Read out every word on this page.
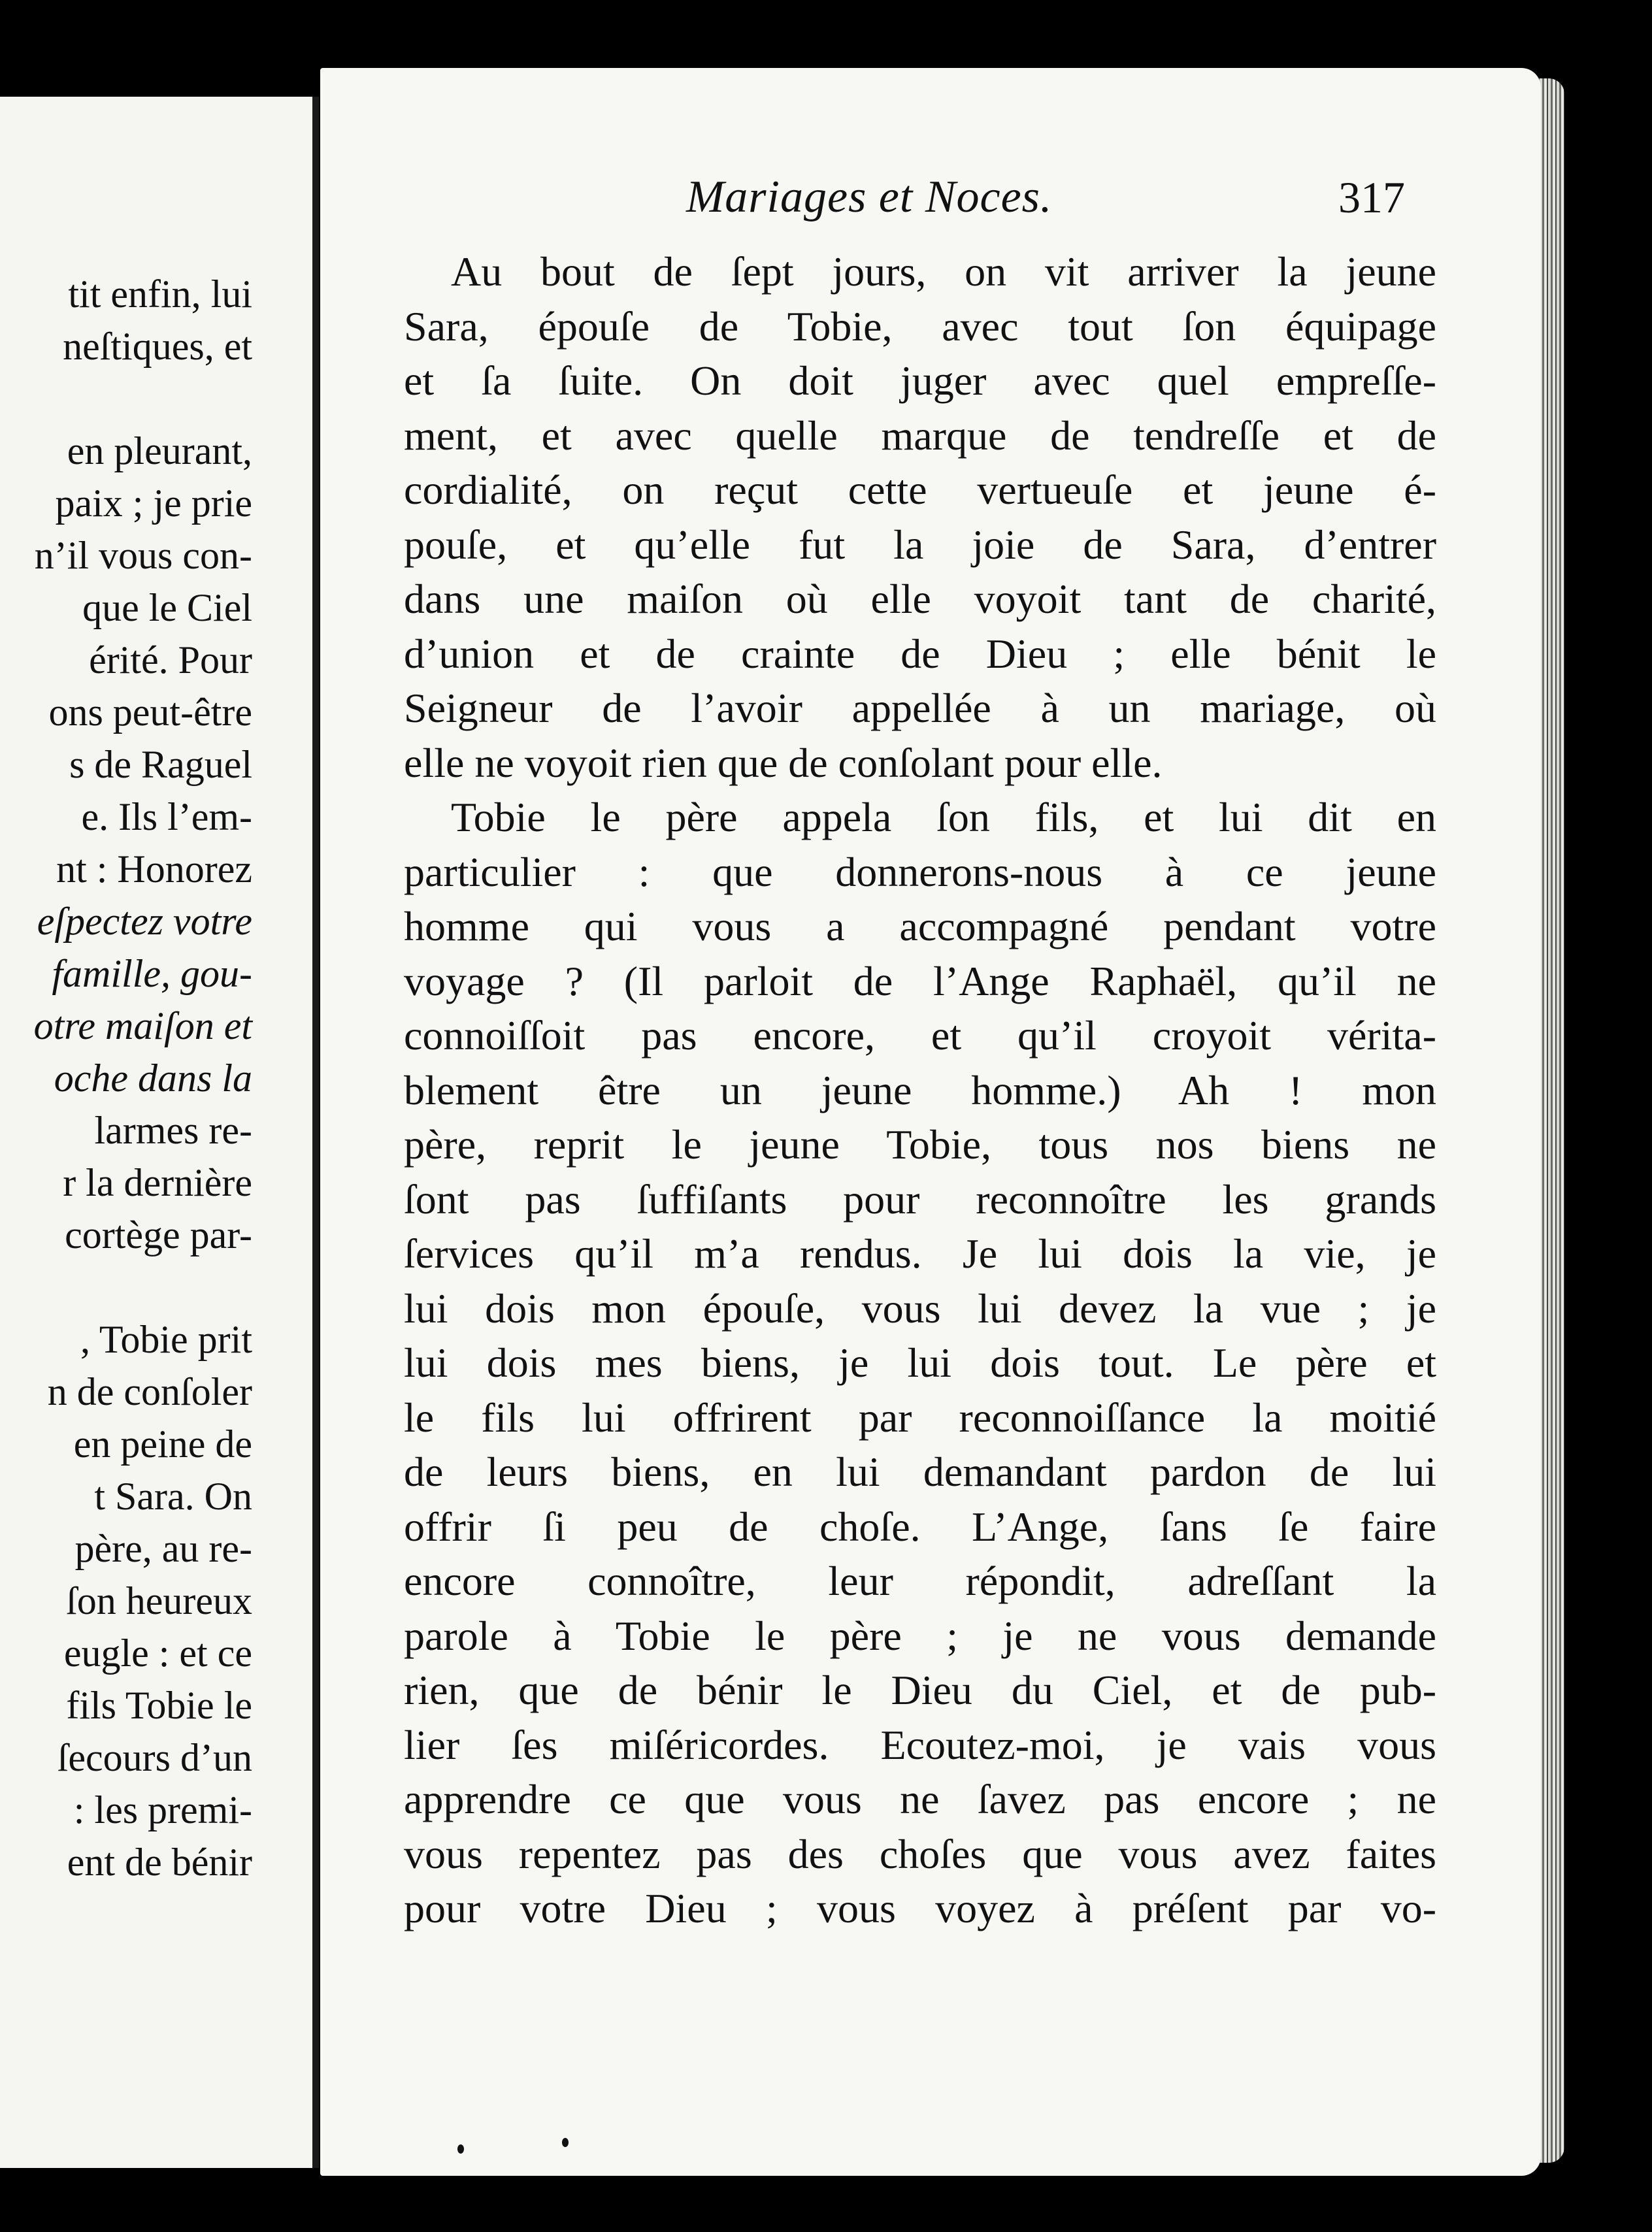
tit enfin, lui
neſtiques, et
en pleurant,
paix ; je prie
n’il vous con-
que le Ciel
érité. Pour
ons peut-être
s de Raguel
e. Ils l’em-
nt : Honorez
eſpectez votre
famille, gou-
otre maiſon et
oche dans la
larmes re-
r la dernière
cortège par-
, Tobie prit
n de conſoler
en peine de
t Sara. On
père, au re-
ſon heureux
eugle : et ce
fils Tobie le
ſecours d’un
: les premi-
ent de bénir
Mariages et Noces.	317
Au bout de ſept jours, on vit arriver la jeune
Sara, épouſe de Tobie, avec tout ſon équipage
et ſa ſuite. On doit juger avec quel empreſſe-
ment, et avec quelle marque de tendreſſe et de
cordialité, on reçut cette vertueuſe et jeune é-
pouſe, et qu’elle fut la joie de Sara, d’entrer
dans une maiſon où elle voyoit tant de charité,
d’union et de crainte de Dieu ; elle bénit le
Seigneur de l’avoir appellée à un mariage, où
elle ne voyoit rien que de conſolant pour elle.
Tobie le père appela ſon fils, et lui dit en
particulier : que donnerons-nous à ce jeune
homme qui vous a accompagné pendant votre
voyage ? (Il parloit de l’Ange Raphaël, qu’il ne
connoiſſoit pas encore, et qu’il croyoit vérita-
blement être un jeune homme.) Ah ! mon
père, reprit le jeune Tobie, tous nos biens ne
ſont pas ſuffiſants pour reconnoître les grands
ſervices qu’il m’a rendus. Je lui dois la vie, je
lui dois mon épouſe, vous lui devez la vue ; je
lui dois mes biens, je lui dois tout. Le père et
le fils lui offrirent par reconnoiſſance la moitié
de leurs biens, en lui demandant pardon de lui
offrir ſi peu de choſe. L’Ange, ſans ſe faire
encore connoître, leur répondit, adreſſant la
parole à Tobie le père ; je ne vous demande
rien, que de bénir le Dieu du Ciel, et de pub-
lier ſes miſéricordes. Ecoutez-moi, je vais vous
apprendre ce que vous ne ſavez pas encore ; ne
vous repentez pas des choſes que vous avez faites
pour votre Dieu ; vous voyez à préſent par vo-
